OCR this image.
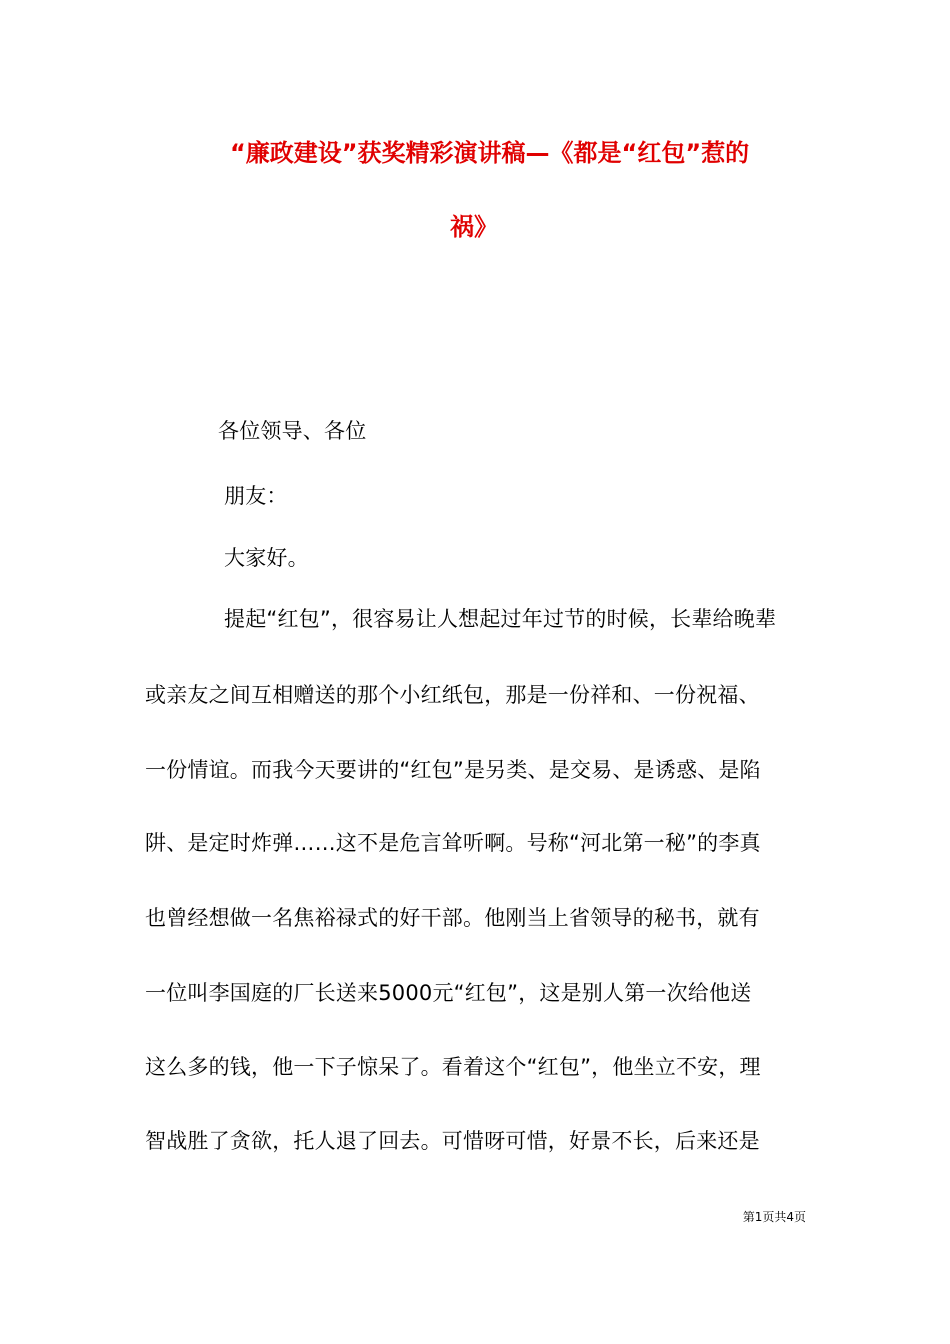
“廉政建设”获奖精彩演讲稿—《都是“红包”惹的
祸》
各位领导、各位
朋友：
大家好。
提起“红包”，很容易让人想起过年过节的时候，长辈给晚辈
或亲友之间互相赠送的那个小红纸包，那是一份祥和、一份祝福、
一份情谊。而我今天要讲的“红包”是另类、是交易、是诱惑、是陷
阱、是定时炸弹……这不是危言耸听啊。号称“河北第一秘”的李真
也曾经想做一名焦裕禄式的好干部。他刚当上省领导的秘书，就有
一位叫李国庭的厂长送来5000元“红包”，这是别人第一次给他送
这么多的钱，他一下子惊呆了。看着这个“红包”，他坐立不安，理
智战胜了贪欲，托人退了回去。可惜呀可惜，好景不长，后来还是
第1页共4页
